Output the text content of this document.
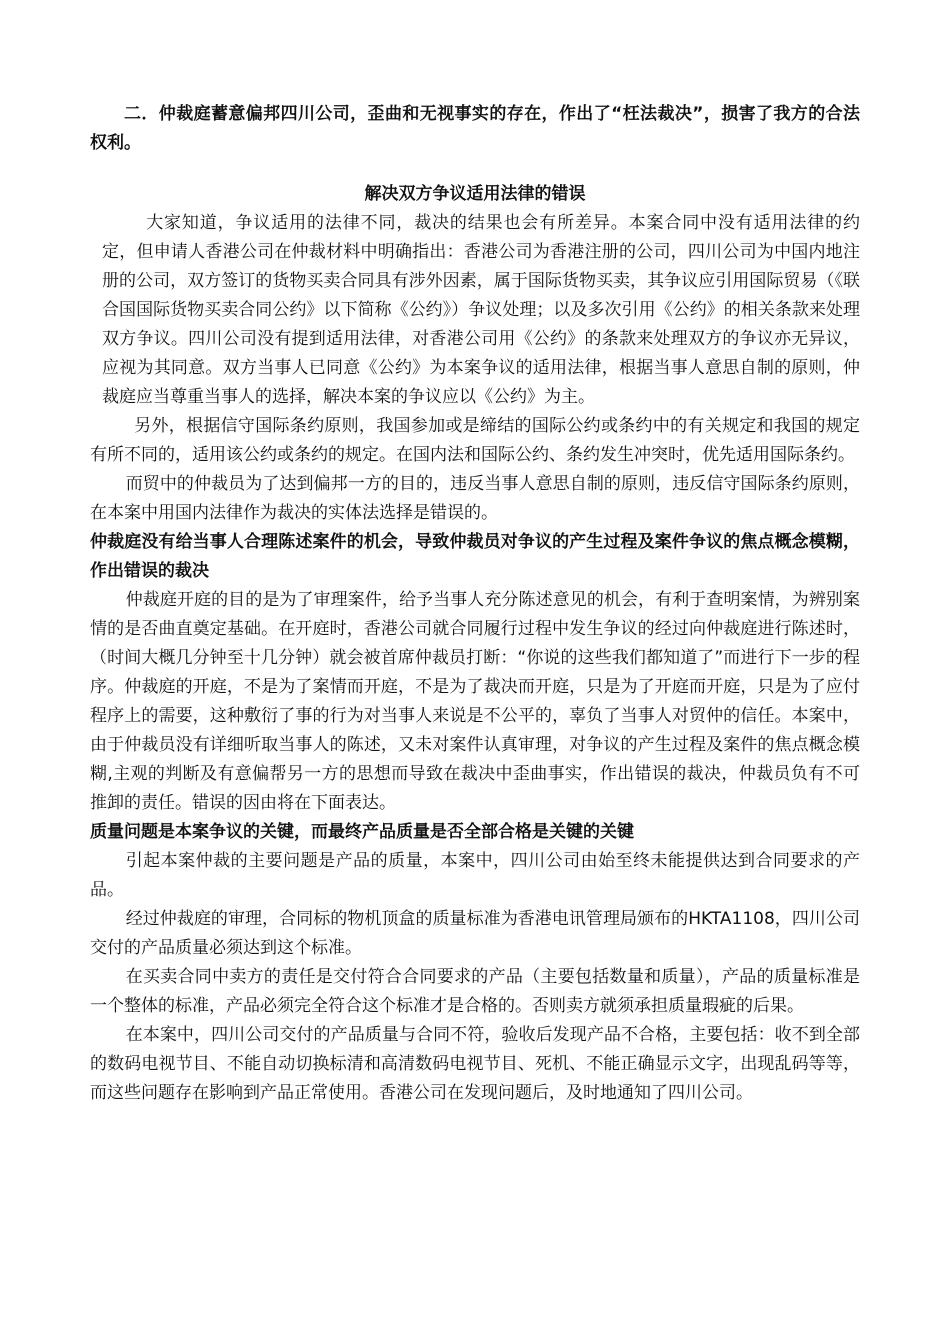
二．仲裁庭蓄意偏邦四川公司，歪曲和无视事实的存在，作出了“枉法裁决”，损害了我方的合法权利。

解决双方争议适用法律的错误

大家知道，争议适用的法律不同，裁决的结果也会有所差异。本案合同中没有适用法律的约定，但申请人香港公司在仲裁材料中明确指出：香港公司为香港注册的公司，四川公司为中国内地注册的公司，双方签订的货物买卖合同具有涉外因素，属于国际货物买卖，其争议应引用国际贸易（《联合国国际货物买卖合同公约》以下简称《公约》）争议处理；以及多次引用《公约》的相关条款来处理双方争议。四川公司没有提到适用法律，对香港公司用《公约》的条款来处理双方的争议亦无异议，应视为其同意。双方当事人已同意《公约》为本案争议的适用法律，根据当事人意思自制的原则，仲裁庭应当尊重当事人的选择，解决本案的争议应以《公约》为主。

另外，根据信守国际条约原则，我国参加或是缔结的国际公约或条约中的有关规定和我国的规定有所不同的，适用该公约或条约的规定。在国内法和国际公约、条约发生冲突时，优先适用国际条约。

而贸中的仲裁员为了达到偏邦一方的目的，违反当事人意思自制的原则，违反信守国际条约原则，在本案中用国内法律作为裁决的实体法选择是错误的。

仲裁庭没有给当事人合理陈述案件的机会，导致仲裁员对争议的产生过程及案件争议的焦点概念模糊，作出错误的裁决

仲裁庭开庭的目的是为了审理案件，给予当事人充分陈述意见的机会，有利于查明案情，为辨别案情的是否曲直奠定基础。在开庭时，香港公司就合同履行过程中发生争议的经过向仲裁庭进行陈述时，（时间大概几分钟至十几分钟）就会被首席仲裁员打断：“你说的这些我们都知道了”而进行下一步的程序。仲裁庭的开庭，不是为了案情而开庭，不是为了裁决而开庭，只是为了开庭而开庭，只是为了应付程序上的需要，这种敷衍了事的行为对当事人来说是不公平的，辜负了当事人对贸仲的信任。本案中，由于仲裁员没有详细听取当事人的陈述，又未对案件认真审理，对争议的产生过程及案件的焦点概念模糊,主观的判断及有意偏帮另一方的思想而导致在裁决中歪曲事实，作出错误的裁决，仲裁员负有不可推卸的责任。错误的因由将在下面表达。

质量问题是本案争议的关键，而最终产品质量是否全部合格是关键的关键

引起本案仲裁的主要问题是产品的质量，本案中，四川公司由始至终未能提供达到合同要求的产品。

经过仲裁庭的审理，合同标的物机顶盒的质量标准为香港电讯管理局颁布的HKTA1108，四川公司交付的产品质量必须达到这个标准。

在买卖合同中卖方的责任是交付符合合同要求的产品（主要包括数量和质量），产品的质量标准是一个整体的标准，产品必须完全符合这个标准才是合格的。否则卖方就须承担质量瑕疵的后果。

在本案中，四川公司交付的产品质量与合同不符，验收后发现产品不合格，主要包括：收不到全部的数码电视节目、不能自动切换标清和高清数码电视节目、死机、不能正确显示文字，出现乱码等等，而这些问题存在影响到产品正常使用。香港公司在发现问题后，及时地通知了四川公司。
